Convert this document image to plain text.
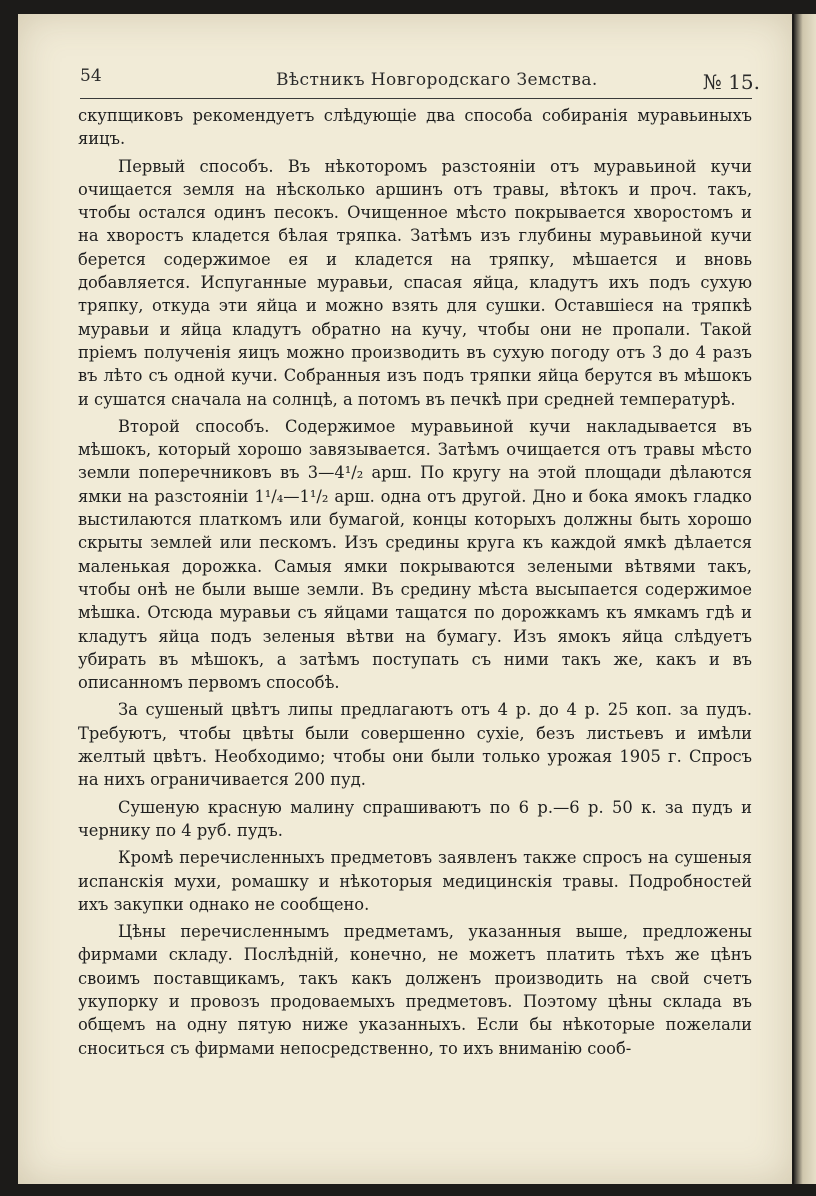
54	Вѣстникъ Новгородскаго Земства.	№ 15.

скупщиковъ рекомендуетъ слѣдующіе два способа собиранія муравьиныхъ яицъ.

Первый способъ. Въ нѣкоторомъ разстояніи отъ муравьиной кучи очищается земля на нѣсколько аршинъ отъ травы, вѣтокъ и проч. такъ, чтобы остался одинъ песокъ. Очищенное мѣсто покрывается хворостомъ и на хворостъ кладется бѣлая тряпка. Затѣмъ изъ глубины муравьиной кучи берется содержимое ея и кладется на тряпку, мѣшается и вновь добавляется. Испуганные муравьи, спасая яйца, кладутъ ихъ подъ сухую тряпку, откуда эти яйца и можно взять для сушки. Оставшіеся на тряпкѣ муравьи и яйца кладутъ обратно на кучу, чтобы они не пропали. Такой пріемъ полученія яицъ можно производить въ сухую погоду отъ 3 до 4 разъ въ лѣто съ одной кучи. Собранныя изъ подъ тряпки яйца берутся въ мѣшокъ и сушатся сначала на солнцѣ, а потомъ въ печкѣ при средней температурѣ.

Второй способъ. Содержимое муравьиной кучи накладывается въ мѣшокъ, который хорошо завязывается. Затѣмъ очищается отъ травы мѣсто земли поперечниковъ въ 3—4¹/₂ арш. По кругу на этой площади дѣлаются ямки на разстояніи 1¹/₄—1¹/₂ арш. одна отъ другой. Дно и бока ямокъ гладко выстилаются платкомъ или бумагой, концы которыхъ должны быть хорошо скрыты землей или пескомъ. Изъ средины круга къ каждой ямкѣ дѣлается маленькая дорожка. Самыя ямки покрываются зелеными вѣтвями такъ, чтобы онѣ не были выше земли. Въ средину мѣста высыпается содержимое мѣшка. Отсюда муравьи съ яйцами тащатся по дорожкамъ къ ямкамъ гдѣ и кладутъ яйца подъ зеленыя вѣтви на бумагу. Изъ ямокъ яйца слѣдуетъ убирать въ мѣшокъ, а затѣмъ поступать съ ними такъ же, какъ и въ описанномъ первомъ способѣ.

За сушеный цвѣтъ липы предлагаютъ отъ 4 р. до 4 р. 25 коп. за пудъ. Требуютъ, чтобы цвѣты были совершенно сухіе, безъ листьевъ и имѣли желтый цвѣтъ. Необходимо; чтобы они были только урожая 1905 г. Спросъ на нихъ ограничивается 200 пуд.

Сушеную красную малину спрашиваютъ по 6 р.—6 р. 50 к. за пудъ и чернику по 4 руб. пудъ.

Кромѣ перечисленныхъ предметовъ заявленъ также спросъ на сушеныя испанскія мухи, ромашку и нѣкоторыя медицинскія травы. Подробностей ихъ закупки однако не сообщено.

Цѣны перечисленнымъ предметамъ, указанныя выше, предложены фирмами складу. Послѣдній, конечно, не можетъ платить тѣхъ же цѣнъ своимъ поставщикамъ, такъ какъ долженъ производить на свой счетъ укупорку и провозъ продоваемыхъ предметовъ. Поэтому цѣны склада въ общемъ на одну пятую ниже указанныхъ. Если бы нѣкоторые пожелали сноситься съ фирмами непосредственно, то ихъ вниманію сооб-
